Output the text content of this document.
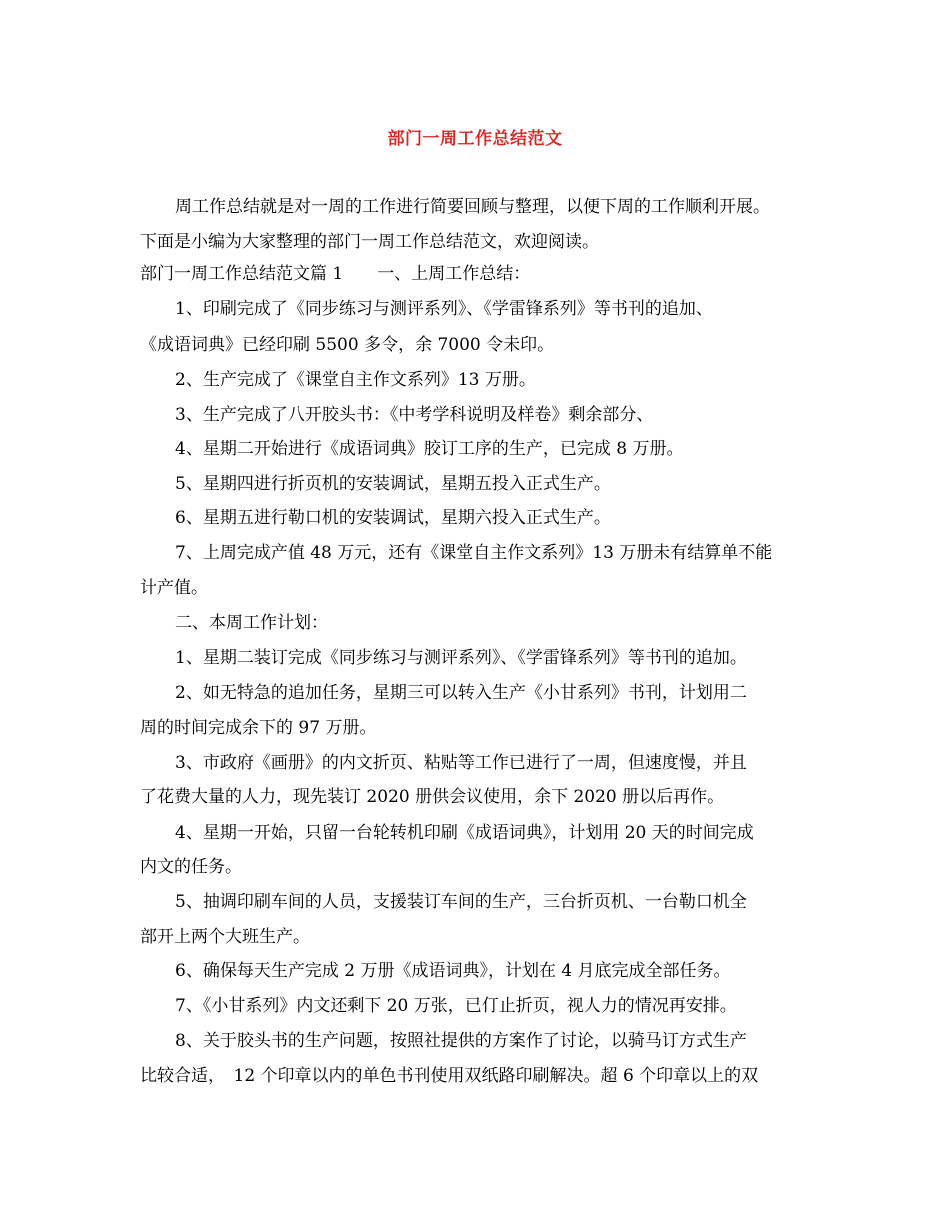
部门一周工作总结范文
周工作总结就是对一周的工作进行简要回顾与整理，以便下周的工作顺利开展。
下面是小编为大家整理的部门一周工作总结范文，欢迎阅读。
部门一周工作总结范文篇 1　　一、上周工作总结：
1、印刷完成了《同步练习与测评系列》、《学雷锋系列》等书刊的追加、
《成语词典》已经印刷 5500 多令，余 7000 令未印。
2、生产完成了《课堂自主作文系列》13 万册。
3、生产完成了八开胶头书：《中考学科说明及样卷》剩余部分、
4、星期二开始进行《成语词典》胶订工序的生产，已完成 8 万册。
5、星期四进行折页机的安装调试，星期五投入正式生产。
6、星期五进行勒口机的安装调试，星期六投入正式生产。
7、上周完成产值 48 万元，还有《课堂自主作文系列》13 万册未有结算单不能
计产值。
二、本周工作计划：
1、星期二装订完成《同步练习与测评系列》、《学雷锋系列》等书刊的追加。
2、如无特急的追加任务，星期三可以转入生产《小甘系列》书刊，计划用二
周的时间完成余下的 97 万册。
3、市政府《画册》的内文折页、粘贴等工作已进行了一周，但速度慢，并且
了花费大量的人力，现先装订 2020 册供会议使用，余下 2020 册以后再作。
4、星期一开始，只留一台轮转机印刷《成语词典》，计划用 20 天的时间完成
内文的任务。
5、抽调印刷车间的人员，支援装订车间的生产，三台折页机、一台勒口机全
部开上两个大班生产。
6、确保每天生产完成 2 万册《成语词典》，计划在 4 月底完成全部任务。
7、《小甘系列》内文还剩下 20 万张，已仃止折页，视人力的情况再安排。
8、关于胶头书的生产问题，按照社提供的方案作了讨论，以骑马订方式生产
比较合适，　12 个印章以内的单色书刊使用双纸路印刷解决。超 6 个印章以上的双
